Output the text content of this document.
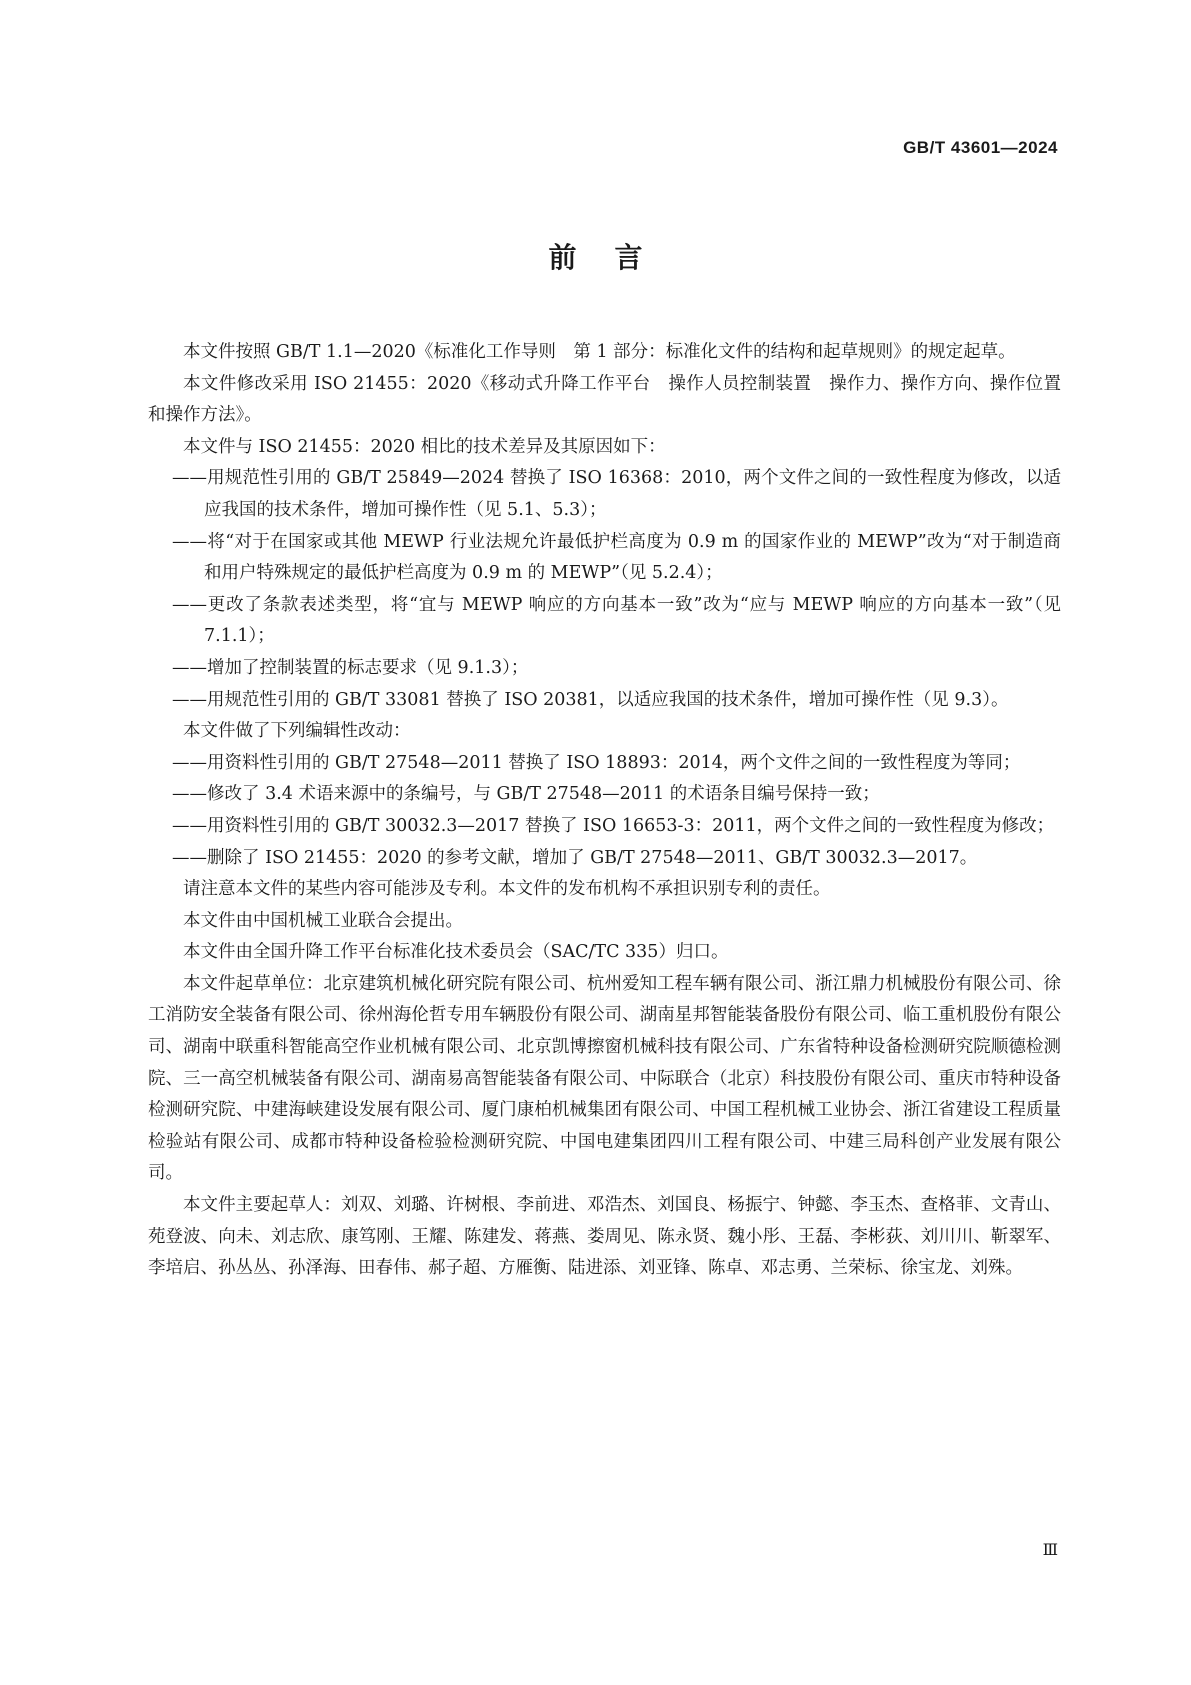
GB/T 43601—2024
前言

本文件按照 GB/T 1.1—2020《标准化工作导则　第 1 部分：标准化文件的结构和起草规则》的规定起草。

本文件修改采用 ISO 21455：2020《移动式升降工作平台　操作人员控制装置　操作力、操作方向、操作位置和操作方法》。

本文件与 ISO 21455：2020 相比的技术差异及其原因如下：

——用规范性引用的 GB/T 25849—2024 替换了 ISO 16368：2010，两个文件之间的一致性程度为修改，以适应我国的技术条件，增加可操作性（见 5.1、5.3）；

——将“对于在国家或其他 MEWP 行业法规允许最低护栏高度为 0.9 m 的国家作业的 MEWP”改为“对于制造商和用户特殊规定的最低护栏高度为 0.9 m 的 MEWP”（见 5.2.4）；

——更改了条款表述类型，将“宜与 MEWP 响应的方向基本一致”改为“应与 MEWP 响应的方向基本一致”（见 7.1.1）；

——增加了控制装置的标志要求（见 9.1.3）；

——用规范性引用的 GB/T 33081 替换了 ISO 20381，以适应我国的技术条件，增加可操作性（见 9.3）。

本文件做了下列编辑性改动：

——用资料性引用的 GB/T 27548—2011 替换了 ISO 18893：2014，两个文件之间的一致性程度为等同；

——修改了 3.4 术语来源中的条编号，与 GB/T 27548—2011 的术语条目编号保持一致；

——用资料性引用的 GB/T 30032.3—2017 替换了 ISO 16653-3：2011，两个文件之间的一致性程度为修改；

——删除了 ISO 21455：2020 的参考文献，增加了 GB/T 27548—2011、GB/T 30032.3—2017。

请注意本文件的某些内容可能涉及专利。本文件的发布机构不承担识别专利的责任。

本文件由中国机械工业联合会提出。

本文件由全国升降工作平台标准化技术委员会（SAC/TC 335）归口。

本文件起草单位：北京建筑机械化研究院有限公司、杭州爱知工程车辆有限公司、浙江鼎力机械股份有限公司、徐工消防安全装备有限公司、徐州海伦哲专用车辆股份有限公司、湖南星邦智能装备股份有限公司、临工重机股份有限公司、湖南中联重科智能高空作业机械有限公司、北京凯博擦窗机械科技有限公司、广东省特种设备检测研究院顺德检测院、三一高空机械装备有限公司、湖南易高智能装备有限公司、中际联合（北京）科技股份有限公司、重庆市特种设备检测研究院、中建海峡建设发展有限公司、厦门康柏机械集团有限公司、中国工程机械工业协会、浙江省建设工程质量检验站有限公司、成都市特种设备检验检测研究院、中国电建集团四川工程有限公司、中建三局科创产业发展有限公司。

本文件主要起草人：刘双、刘璐、许树根、李前进、邓浩杰、刘国良、杨振宁、钟懿、李玉杰、查格菲、文青山、苑登波、向未、刘志欣、康笃刚、王耀、陈建发、蒋燕、娄周见、陈永贤、魏小彤、王磊、李彬荻、刘川川、靳翠军、李培启、孙丛丛、孙泽海、田春伟、郝子超、方雁衡、陆进添、刘亚锋、陈卓、邓志勇、兰荣标、徐宝龙、刘殊。

Ⅲ
